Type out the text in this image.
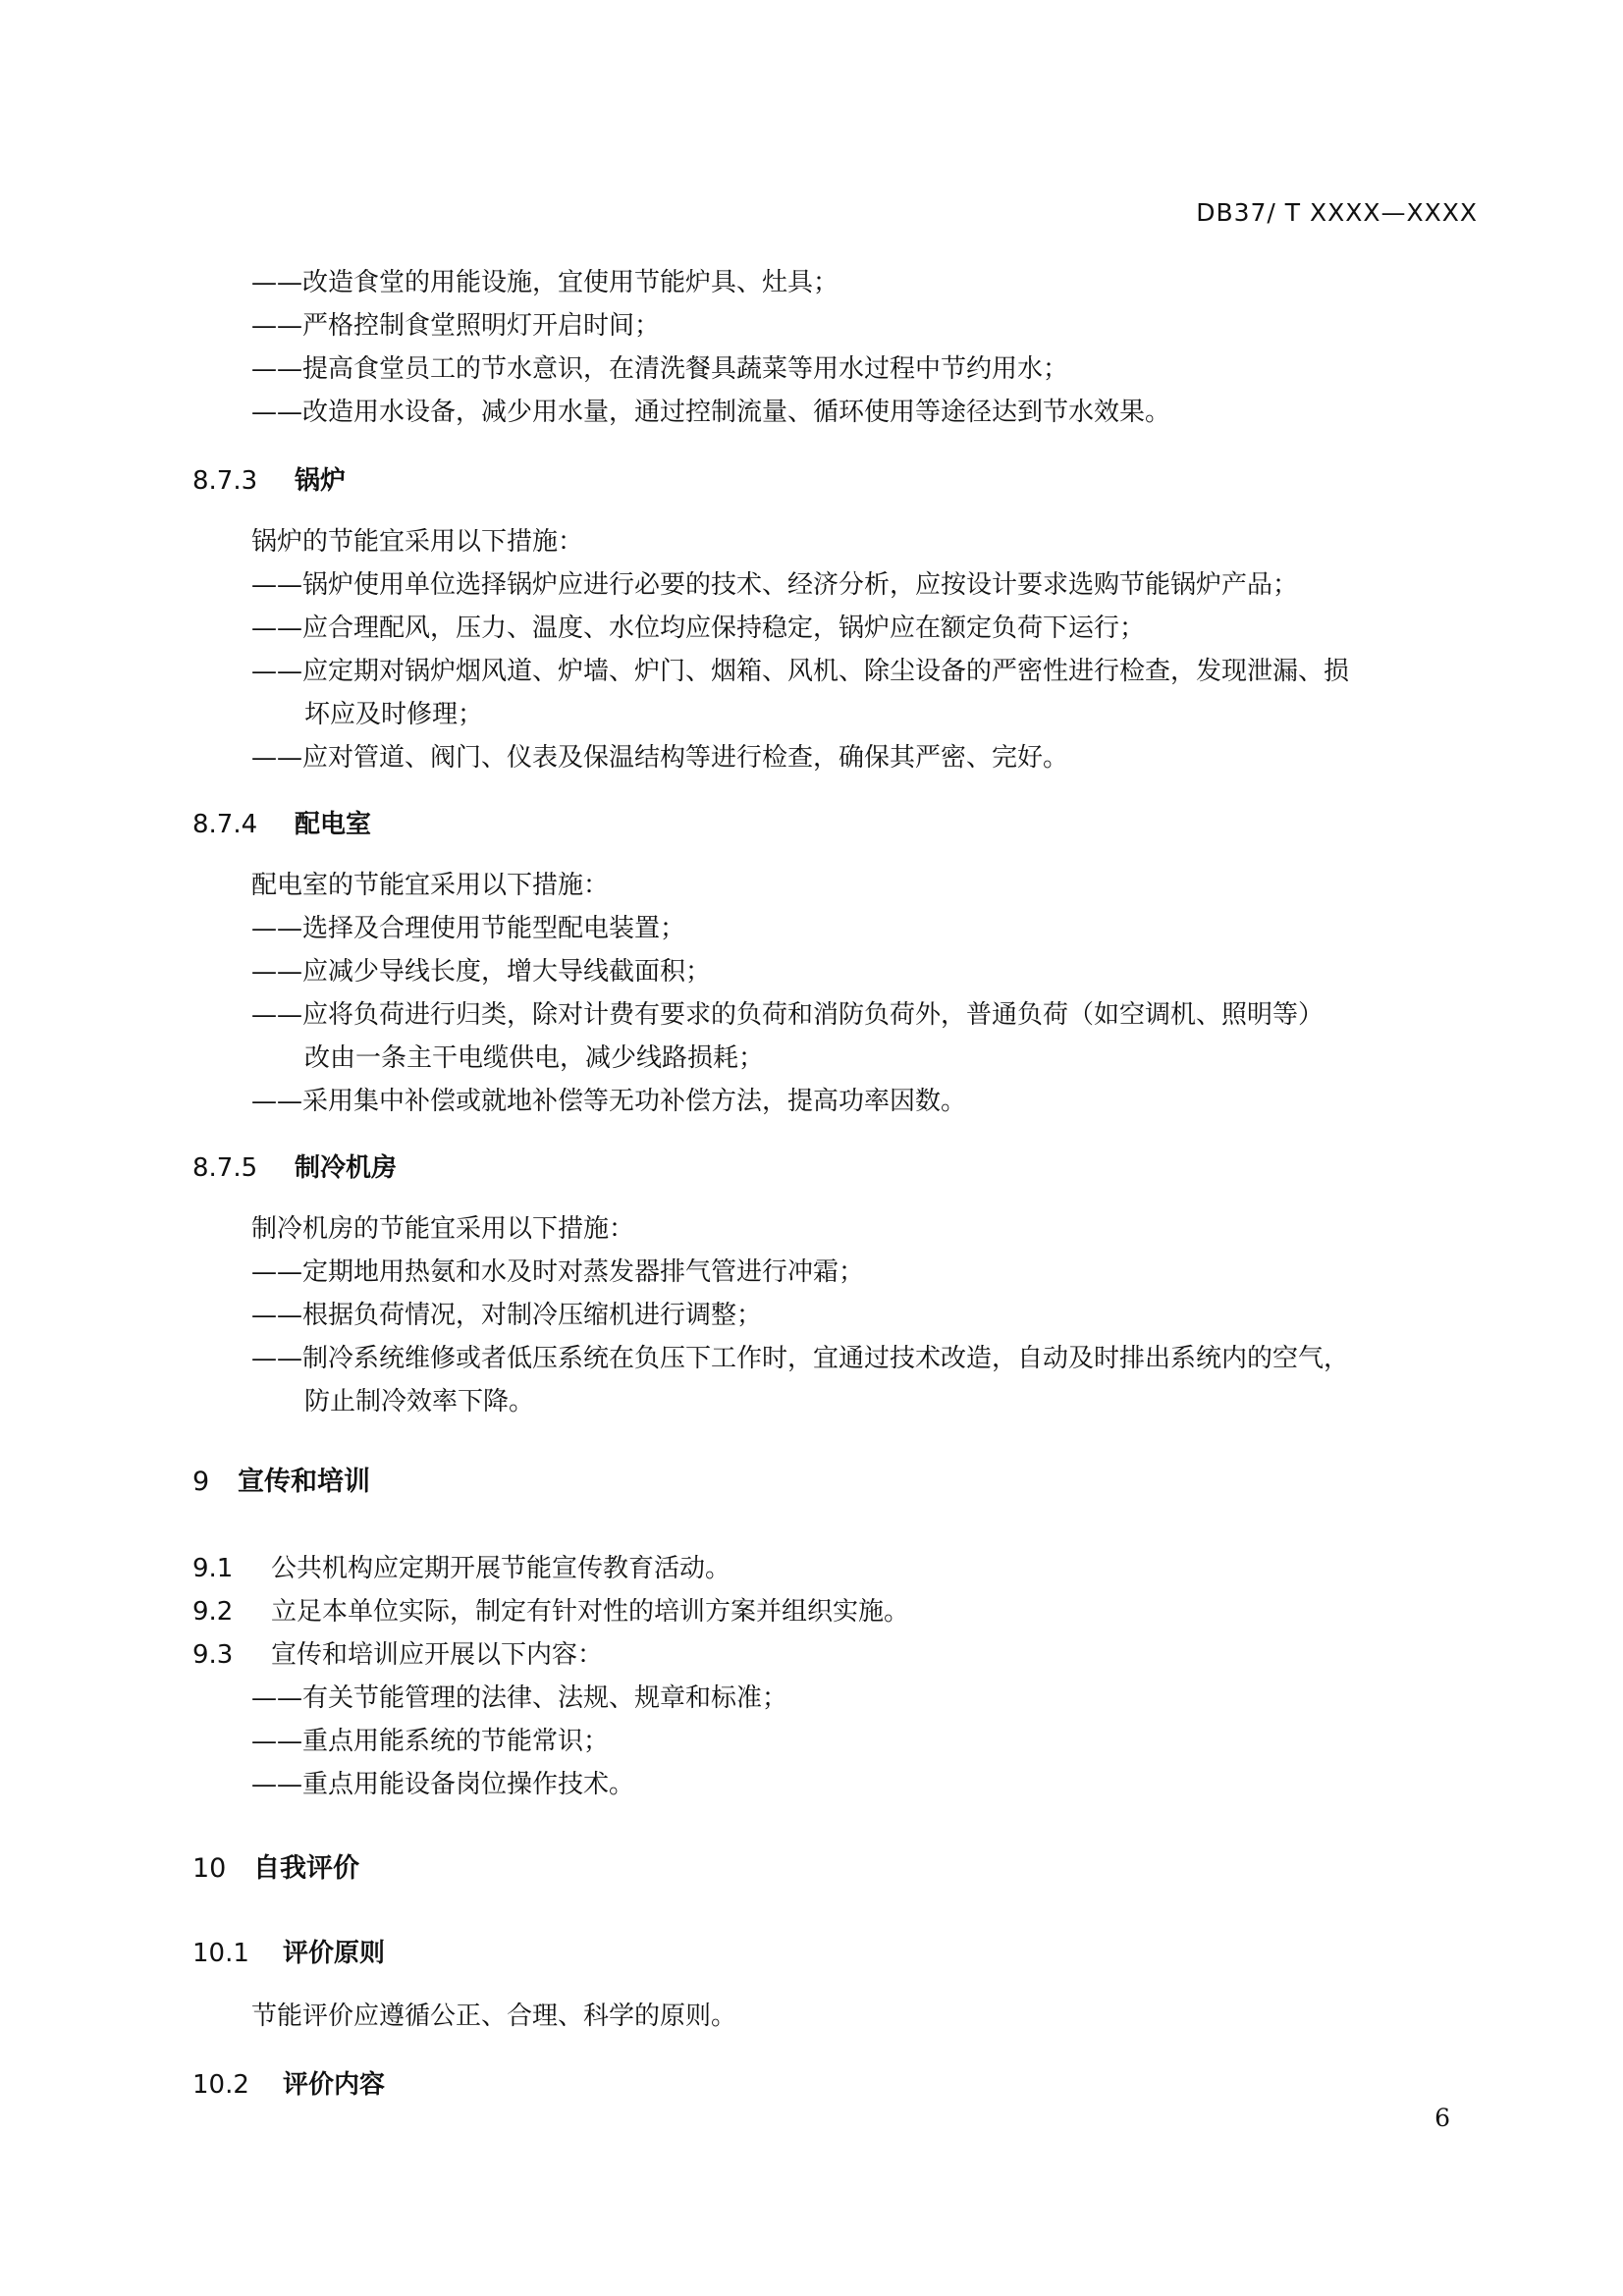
DB37/ T XXXX—XXXX
——改造食堂的用能设施，宜使用节能炉具、灶具；
——严格控制食堂照明灯开启时间；
——提高食堂员工的节水意识，在清洗餐具蔬菜等用水过程中节约用水；
——改造用水设备，减少用水量，通过控制流量、循环使用等途径达到节水效果。
8.7.3 锅炉
锅炉的节能宜采用以下措施：
——锅炉使用单位选择锅炉应进行必要的技术、经济分析，应按设计要求选购节能锅炉产品；
——应合理配风，压力、温度、水位均应保持稳定，锅炉应在额定负荷下运行；
——应定期对锅炉烟风道、炉墙、炉门、烟箱、风机、除尘设备的严密性进行检查，发现泄漏、损
坏应及时修理；
——应对管道、阀门、仪表及保温结构等进行检查，确保其严密、完好。
8.7.4 配电室
配电室的节能宜采用以下措施：
——选择及合理使用节能型配电装置；
——应减少导线长度，增大导线截面积；
——应将负荷进行归类，除对计费有要求的负荷和消防负荷外，普通负荷（如空调机、照明等）
改由一条主干电缆供电，减少线路损耗；
——采用集中补偿或就地补偿等无功补偿方法，提高功率因数。
8.7.5 制冷机房
制冷机房的节能宜采用以下措施：
——定期地用热氨和水及时对蒸发器排气管进行冲霜；
——根据负荷情况，对制冷压缩机进行调整；
——制冷系统维修或者低压系统在负压下工作时，宜通过技术改造，自动及时排出系统内的空气，
防止制冷效率下降。
9 宣传和培训
9.1 公共机构应定期开展节能宣传教育活动。
9.2 立足本单位实际，制定有针对性的培训方案并组织实施。
9.3 宣传和培训应开展以下内容：
——有关节能管理的法律、法规、规章和标准；
——重点用能系统的节能常识；
——重点用能设备岗位操作技术。
10 自我评价
10.1 评价原则
节能评价应遵循公正、合理、科学的原则。
10.2 评价内容
6
